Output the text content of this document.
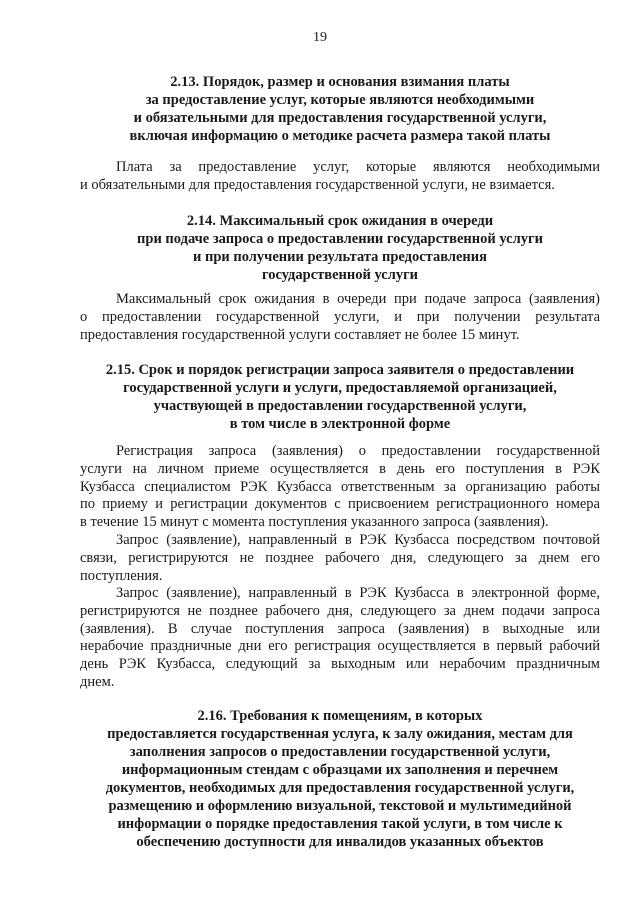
19
2.13. Порядок, размер и основания взимания платы
за предоставление услуг, которые являются необходимыми
и обязательными для предоставления государственной услуги,
включая информацию о методике расчета размера такой платы
Плата за предоставление услуг, которые являются необходимыми
и обязательными для предоставления государственной услуги, не взимается.
2.14. Максимальный срок ожидания в очереди
при подаче запроса о предоставлении государственной услуги
и при получении результата предоставления
государственной услуги
Максимальный срок ожидания в очереди при подаче запроса (заявления)
о предоставлении государственной услуги, и при получении результата
предоставления государственной услуги составляет не более 15 минут.
2.15. Срок и порядок регистрации запроса заявителя о предоставлении
государственной услуги и услуги, предоставляемой организацией,
участвующей в предоставлении государственной услуги,
в том числе в электронной форме
Регистрация запроса (заявления) о предоставлении государственной
услуги на личном приеме осуществляется в день его поступления в РЭК
Кузбасса специалистом РЭК Кузбасса ответственным за организацию работы
по приему и регистрации документов с присвоением регистрационного номера
в течение 15 минут с момента поступления указанного запроса (заявления).
Запрос (заявление), направленный в РЭК Кузбасса посредством почтовой
связи, регистрируются не позднее рабочего дня, следующего за днем его
поступления.
Запрос (заявление), направленный в РЭК Кузбасса в электронной форме,
регистрируются не позднее рабочего дня, следующего за днем подачи запроса
(заявления). В случае поступления запроса (заявления) в выходные или
нерабочие праздничные дни его регистрация осуществляется в первый рабочий
день РЭК Кузбасса, следующий за выходным или нерабочим праздничным
днем.
2.16. Требования к помещениям, в которых
предоставляется государственная услуга, к залу ожидания, местам для
заполнения запросов о предоставлении государственной услуги,
информационным стендам с образцами их заполнения и перечнем
документов, необходимых для предоставления государственной услуги,
размещению и оформлению визуальной, текстовой и мультимедийной
информации о порядке предоставления такой услуги, в том числе к
обеспечению доступности для инвалидов указанных объектов
